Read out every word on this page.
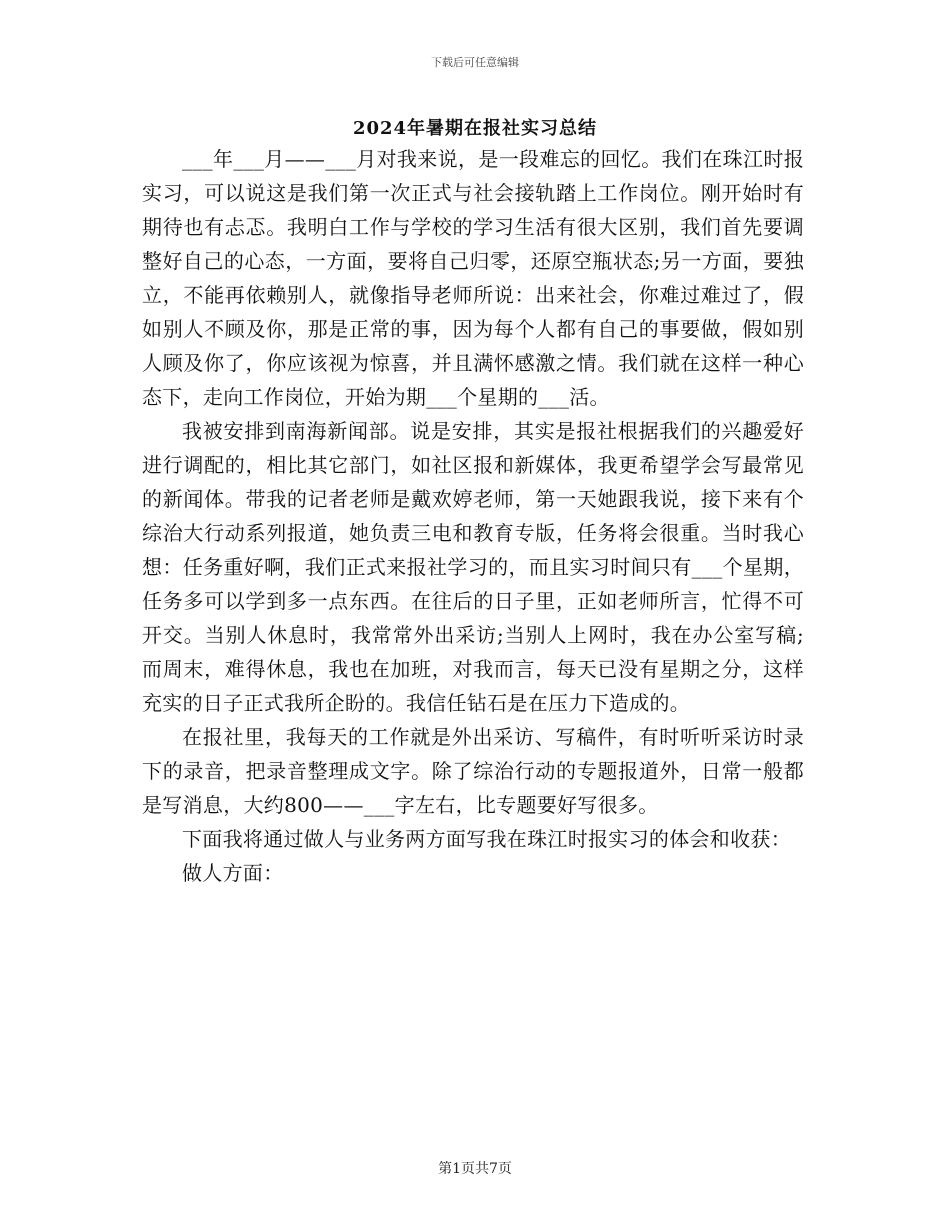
下载后可任意编辑
2024年暑期在报社实习总结

___年___月——___月对我来说，是一段难忘的回忆。我们在珠江时报实习，可以说这是我们第一次正式与社会接轨踏上工作岗位。刚开始时有期待也有忐忑。我明白工作与学校的学习生活有很大区别，我们首先要调整好自己的心态，一方面，要将自己归零，还原空瓶状态;另一方面，要独立，不能再依赖别人，就像指导老师所说：出来社会，你难过难过了，假如别人不顾及你，那是正常的事，因为每个人都有自己的事要做，假如别人顾及你了，你应该视为惊喜，并且满怀感激之情。我们就在这样一种心态下，走向工作岗位，开始为期___个星期的___活。

我被安排到南海新闻部。说是安排，其实是报社根据我们的兴趣爱好进行调配的，相比其它部门，如社区报和新媒体，我更希望学会写最常见的新闻体。带我的记者老师是戴欢婷老师，第一天她跟我说，接下来有个综治大行动系列报道，她负责三电和教育专版，任务将会很重。当时我心想：任务重好啊，我们正式来报社学习的，而且实习时间只有___个星期，任务多可以学到多一点东西。在往后的日子里，正如老师所言，忙得不可开交。当别人休息时，我常常外出采访;当别人上网时，我在办公室写稿;而周末，难得休息，我也在加班，对我而言，每天已没有星期之分，这样充实的日子正式我所企盼的。我信任钻石是在压力下造成的。

在报社里，我每天的工作就是外出采访、写稿件，有时听听采访时录下的录音，把录音整理成文字。除了综治行动的专题报道外，日常一般都是写消息，大约800——___字左右，比专题要好写很多。

下面我将通过做人与业务两方面写我在珠江时报实习的体会和收获：

做人方面：

第1页共7页
